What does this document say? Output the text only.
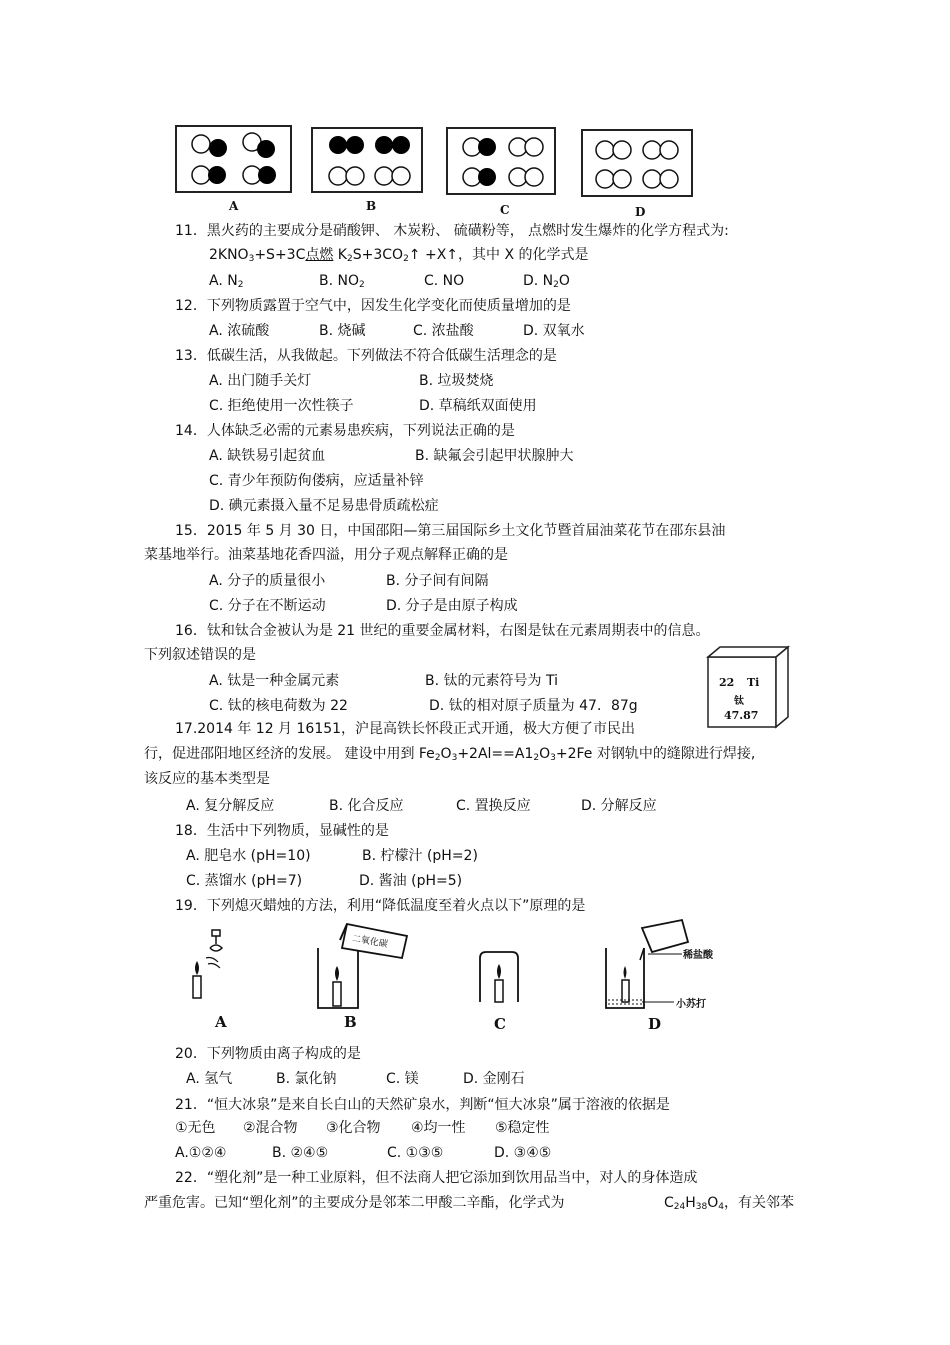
A	B	C	D
11．黑火药的主要成分是硝酸钾、 木炭粉、 硫磺粉等， 点燃时发生爆炸的化学方程式为:
$2KNO_3+S+3C$点燃 $K_2S+3CO_2↑$ +X↑，其中 X 的化学式是
A. $N_2$	B. $NO_2$	C. NO	D. $N_2O$
12．下列物质露置于空气中，因发生化学变化而使质量增加的是
A. 浓硫酸	B. 烧碱	C. 浓盐酸	D. 双氧水
13．低碳生活，从我做起。下列做法不符合低碳生活理念的是
A. 出门随手关灯	B. 垃圾焚烧
C. 拒绝使用一次性筷子	D. 草稿纸双面使用
14．人体缺乏必需的元素易患疾病，下列说法正确的是
A. 缺铁易引起贫血	B. 缺氟会引起甲状腺肿大
C. 青少年预防佝偻病，应适量补锌
D. 碘元素摄入量不足易患骨质疏松症
15．2015 年 5 月 30 日，中国邵阳—第三届国际乡土文化节暨首届油菜花节在邵东县油
菜基地举行。油菜基地花香四溢，用分子观点解释正确的是
A. 分子的质量很小	B. 分子间有间隔
C. 分子在不断运动	D. 分子是由原子构成
16．钛和钛合金被认为是 21 世纪的重要金属材料，右图是钛在元素周期表中的信息。
下列叙述错误的是
A. 钛是一种金属元素	B. 钛的元素符号为 Ti
C. 钛的核电荷数为 22	D. 钛的相对原子质量为 47．87g
22 Ti
钛
47.87
17.2014 年 12 月 16151，沪昆高铁长怀段正式开通，极大方便了市民出
行，促进邵阳地区经济的发展。 建设中用到 $Fe_2O_3+2Al==A1_2O_3+2Fe$ 对钢轨中的缝隙进行焊接,
该反应的基本类型是
A. 复分解反应	B. 化合反应	C. 置换反应	D. 分解反应
18．生活中下列物质，显碱性的是
A. 肥皂水 (pH=10)	B. 柠檬汁 (pH=2)
C. 蒸馏水 (pH=7)	D. 酱油 (pH=5)
19．下列熄灭蜡烛的方法，利用“降低温度至着火点以下”原理的是
二氧化碳
稀盐酸
小苏打
A	B	C	D
20．下列物质由离子构成的是
A. 氢气	B. 氯化钠	C. 镁	D. 金刚石
21．“恒大冰泉”是来自长白山的天然矿泉水，判断“恒大冰泉”属于溶液的依据是
①无色 ②混合物 ③化合物 ④均一性 ⑤稳定性
A.①②④	B. ②④⑤	C. ①③⑤	D. ③④⑤
22．“塑化剂”是一种工业原料，但不法商人把它添加到饮用品当中，对人的身体造成
严重危害。已知“塑化剂”的主要成分是邻苯二甲酸二辛酯，化学式为	$C_{24}H_{38}O_4$，有关邻苯
